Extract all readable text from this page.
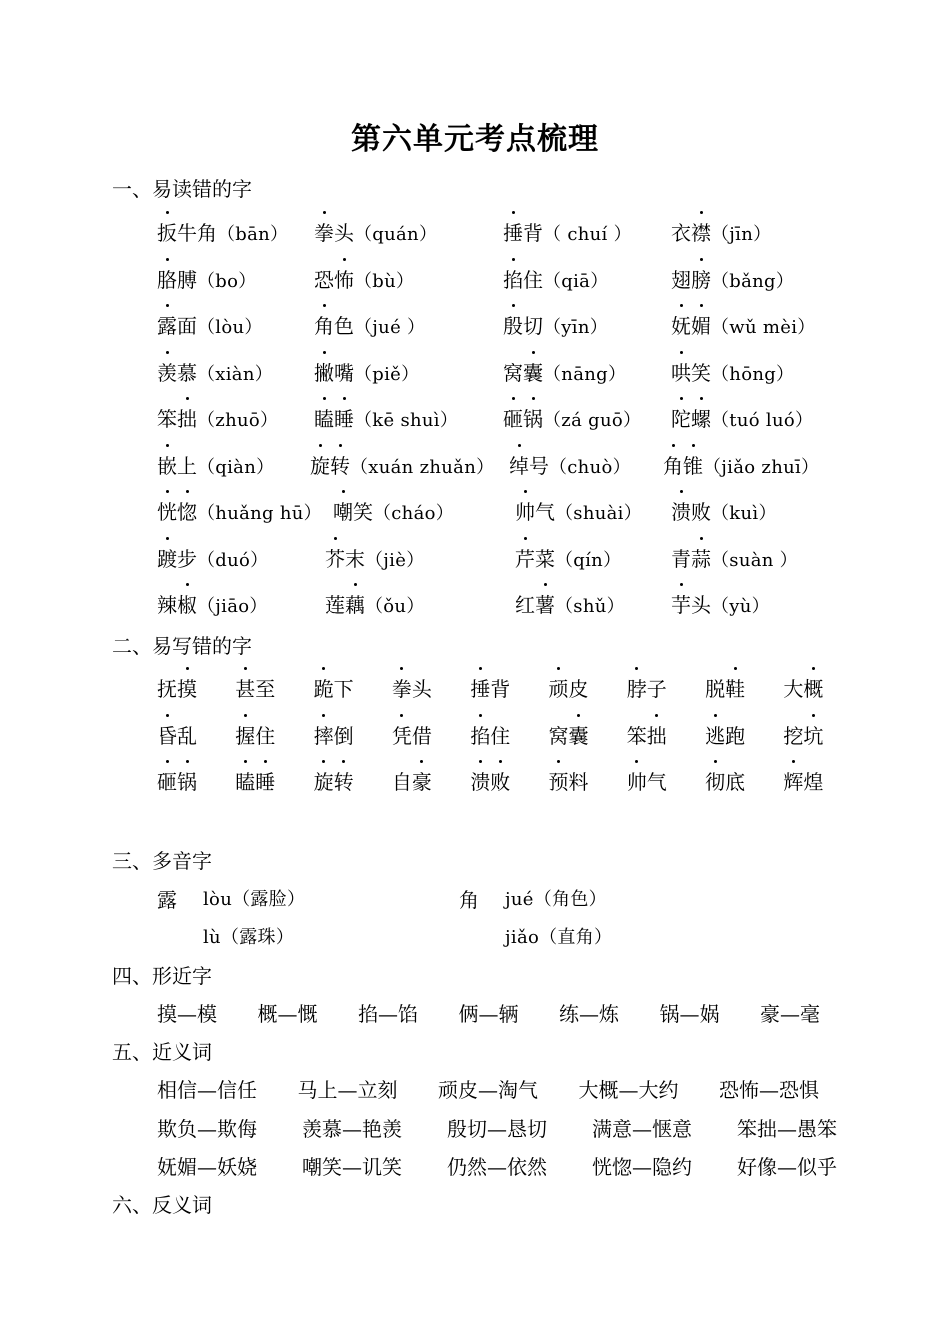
第六单元考点梳理
一、易读错的字
扳牛角（bān） 拳头（quán）	捶背（ chuí ） 衣襟（jīn）
胳膊（bo）	恐怖（bù）	掐住（qiā）	翅膀（bǎng）
露面（lòu）	角色（jué ）	殷切（yīn）	妩媚（wǔ mèi）
羡慕（xiàn） 撇嘴（piě）	窝囊（nāng） 哄笑（hōng）
笨拙（zhuō） 瞌睡（kē shuì） 砸锅（zá guō） 陀螺（tuó luó）
嵌上（qiàn） 旋转（xuán zhuǎn） 绰号（chuò） 角锥（jiǎo zhuī）
恍惚（huǎng hū） 嘲笑（cháo）	帅气（shuài） 溃败（kuì）
踱步（duó）	芥末（jiè）	芹菜（qín） 青蒜（suàn ）
辣椒（jiāo）	莲藕（ǒu）	红薯（shǔ） 芋头（yù）
二、易写错的字
抚摸 甚至 跪下 拳头 捶背 顽皮 脖子 脱鞋 大概
昏乱 握住 摔倒 凭借 掐住 窝囊 笨拙 逃跑 挖坑
砸锅 瞌睡 旋转 自豪 溃败 预料 帅气 彻底 辉煌
三、多音字
露 lòu（露脸）
lù（露珠）
角 jué（角色）
jiǎo（直角）
四、形近字
摸—模 概—慨 掐—馅 俩—辆 练—炼 锅—娲 豪—毫
五、近义词
相信—信任 马上—立刻 顽皮—淘气 大概—大约 恐怖—恐惧
欺负—欺侮 羡慕—艳羡 殷切—恳切 满意—惬意 笨拙—愚笨
妩媚—妖娆 嘲笑—讥笑 仍然—依然 恍惚—隐约 好像—似乎
六、反义词
